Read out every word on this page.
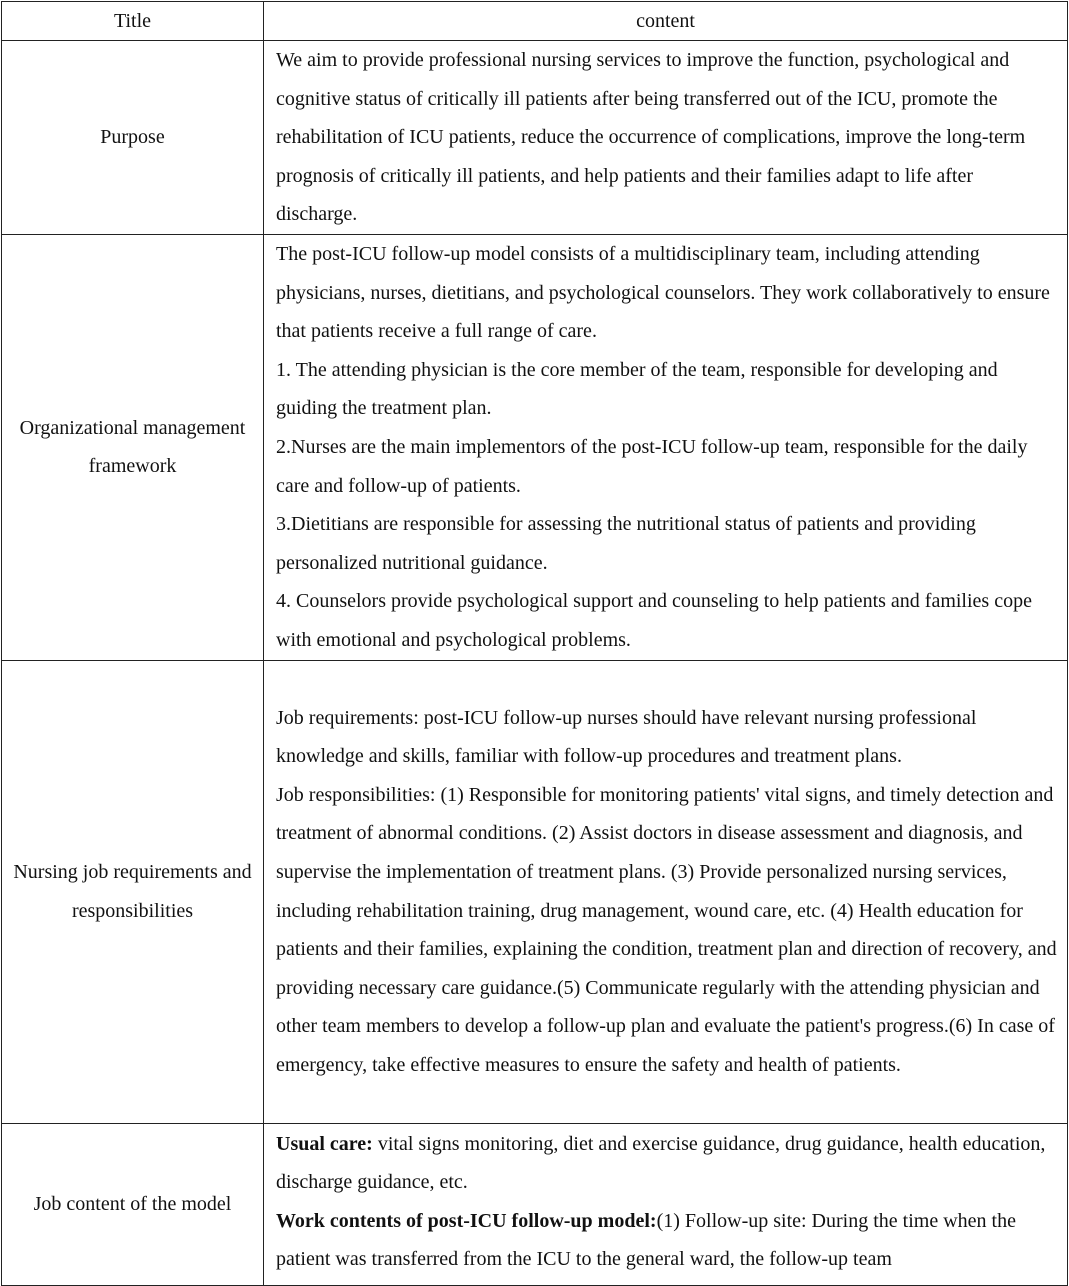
Title	content
Purpose	We aim to provide professional nursing services to improve the function, psychological and cognitive status of critically ill patients after being transferred out of the ICU, promote the rehabilitation of ICU patients, reduce the occurrence of complications, improve the long-term prognosis of critically ill patients, and help patients and their families adapt to life after discharge.

Organizational management framework	The post-ICU follow-up model consists of a multidisciplinary team, including attending physicians, nurses, dietitians, and psychological counselors. They work collaboratively to ensure that patients receive a full range of care.

1. The attending physician is the core member of the team, responsible for developing and guiding the treatment plan.

2.Nurses are the main implementors of the post-ICU follow-up team, responsible for the daily care and follow-up of patients.

3.Dietitians are responsible for assessing the nutritional status of patients and providing personalized nutritional guidance.

4. Counselors provide psychological support and counseling to help patients and families cope with emotional and psychological problems.

Nursing job requirements and responsibilities	Job requirements: post-ICU follow-up nurses should have relevant nursing professional knowledge and skills, familiar with follow-up procedures and treatment plans.

Job responsibilities: (1) Responsible for monitoring patients' vital signs, and timely detection and treatment of abnormal conditions. (2) Assist doctors in disease assessment and diagnosis, and supervise the implementation of treatment plans. (3) Provide personalized nursing services, including rehabilitation training, drug management, wound care, etc. (4) Health education for patients and their families, explaining the condition, treatment plan and direction of recovery, and providing necessary care guidance.(5) Communicate regularly with the attending physician and other team members to develop a follow-up plan and evaluate the patient's progress.(6) In case of emergency, take effective measures to ensure the safety and health of patients.

Job content of the model	Usual care: vital signs monitoring, diet and exercise guidance, drug guidance, health education, discharge guidance, etc.

Work contents of post-ICU follow-up model:(1) Follow-up site: During the time when the patient was transferred from the ICU to the general ward, the follow-up team
